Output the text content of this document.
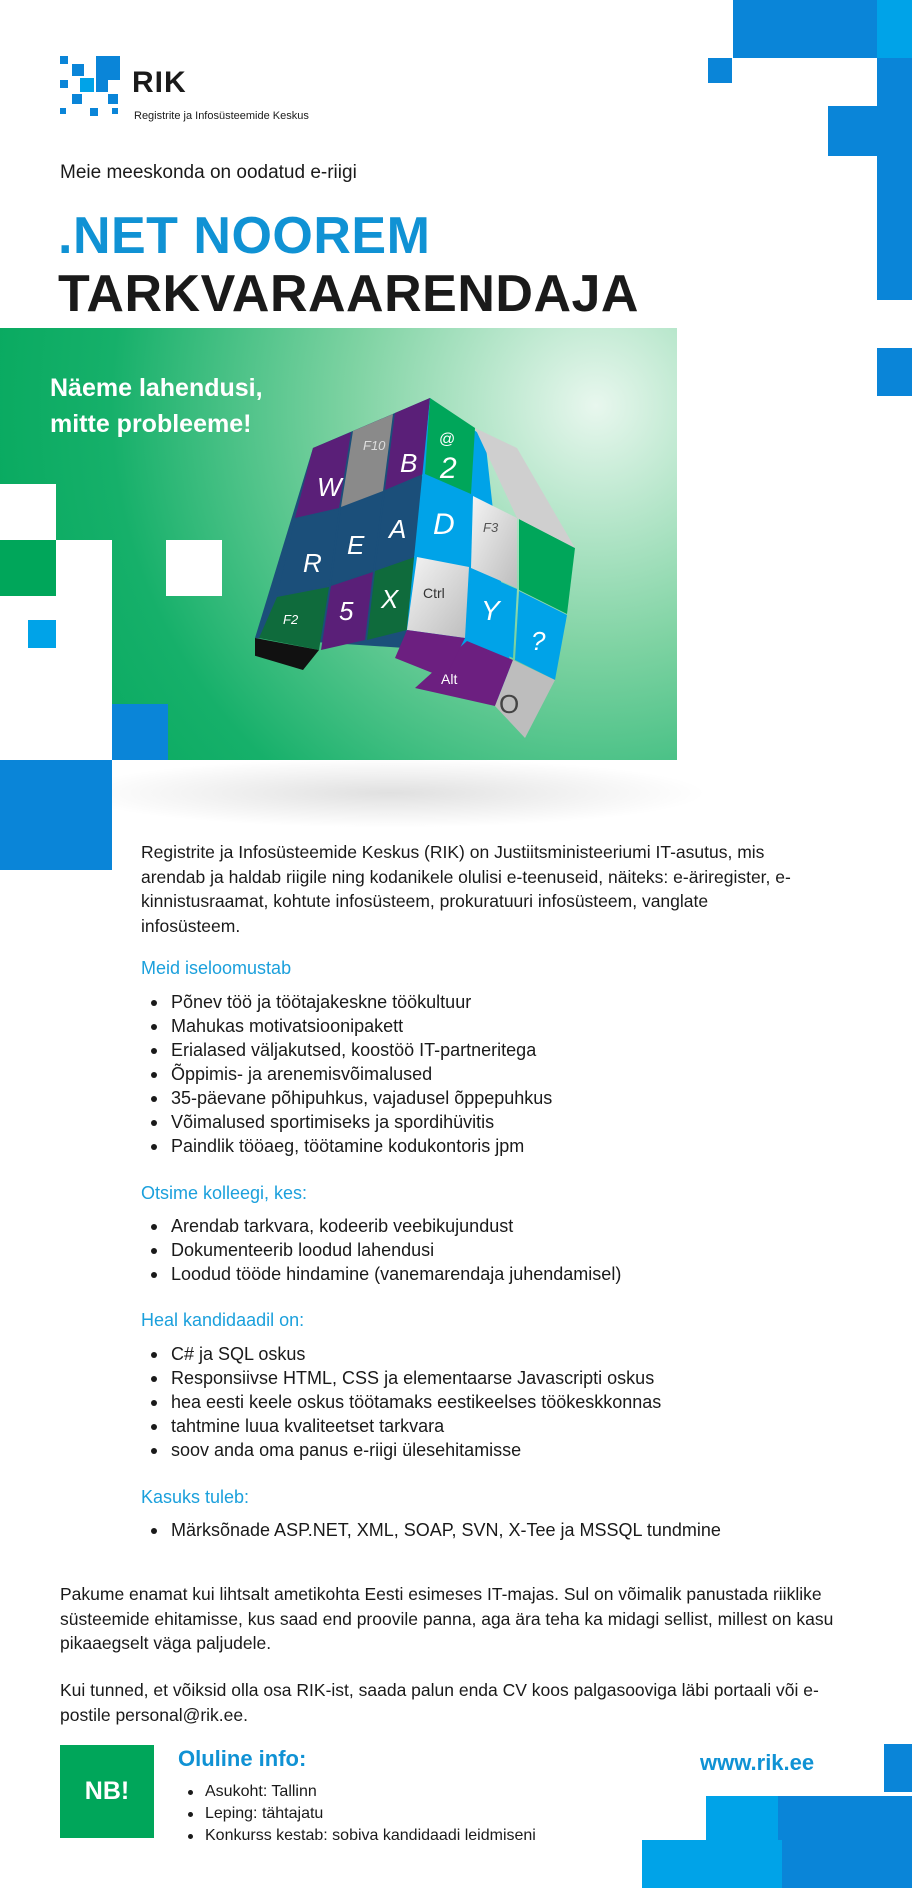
RIK
Registrite ja Infosüsteemide Keskus
Meie meeskonda on oodatud e-riigi
.NET NOOREM
TARKVARAARENDAJA
Näeme lahendusi,
mitte probleeme!
W
F10
B
@
2
R
E
A D F3
F2 5 X Ctrl
Y
?
Alt
O
Registrite ja Infosüsteemide Keskus (RIK) on Justiitsministeeriumi IT-asutus, mis arendab ja haldab riigile ning kodanikele olulisi e-teenuseid, näiteks: e-äriregister, e-kinnistusraamat, kohtute infosüsteem, prokuratuuri infosüsteem, vanglate infosüsteem.
Meid iseloomustab
Põnev töö ja töötajakeskne töökultuur
Mahukas motivatsioonipakett
Erialased väljakutsed, koostöö IT-partneritega
Õppimis- ja arenemisvõimalused
35-päevane põhipuhkus, vajadusel õppepuhkus
Võimalused sportimiseks ja spordihüvitis
Paindlik tööaeg, töötamine kodukontoris jpm
Otsime kolleegi, kes:
Arendab tarkvara, kodeerib veebikujundust
Dokumenteerib loodud lahendusi
Loodud tööde hindamine (vanemarendaja juhendamisel)
Heal kandidaadil on:
C# ja SQL oskus
Responsiivse HTML, CSS ja elementaarse Javascripti oskus
hea eesti keele oskus töötamaks eestikeelses töökeskkonnas
tahtmine luua kvaliteetset tarkvara
soov anda oma panus e-riigi ülesehitamisse
Kasuks tuleb:
Märksõnade ASP.NET, XML, SOAP, SVN, X-Tee ja MSSQL tundmine
Pakume enamat kui lihtsalt ametikohta Eesti esimeses IT-majas. Sul on võimalik panustada riiklike süsteemide ehitamisse, kus saad end proovile panna, aga ära teha ka midagi sellist, millest on kasu pikaaegselt väga paljudele.
Kui tunned, et võiksid olla osa RIK-ist, saada palun enda CV koos palgasooviga läbi portaali või e-postile personal@rik.ee.
NB!
Oluline info:
Asukoht: Tallinn
Leping: tähtajatu
Konkurss kestab: sobiva kandidaadi leidmiseni
www.rik.ee
